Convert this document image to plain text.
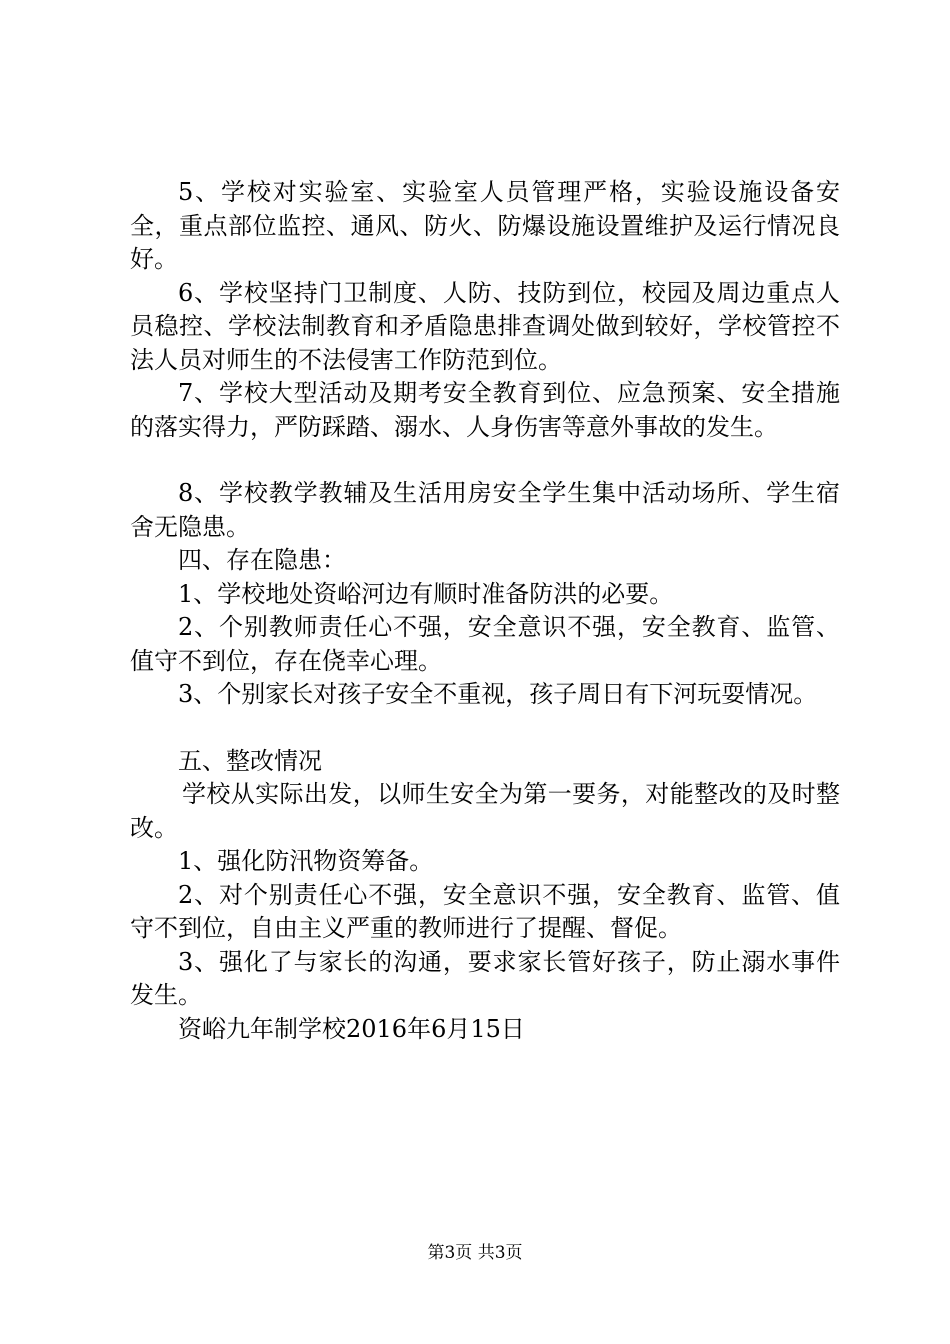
5、学校对实验室、实验室人员管理严格，实验设施设备安全，重点部位监控、通风、防火、防爆设施设置维护及运行情况良好。

6、学校坚持门卫制度、人防、技防到位，校园及周边重点人员稳控、学校法制教育和矛盾隐患排查调处做到较好，学校管控不法人员对师生的不法侵害工作防范到位。

7、学校大型活动及期考安全教育到位、应急预案、安全措施的落实得力，严防踩踏、溺水、人身伤害等意外事故的发生。

8、学校教学教辅及生活用房安全学生集中活动场所、学生宿舍无隐患。

四、存在隐患：

1、学校地处资峪河边有顺时准备防洪的必要。

2、个别教师责任心不强，安全意识不强，安全教育、监管、值守不到位，存在侥幸心理。

3、个别家长对孩子安全不重视，孩子周日有下河玩耍情况。

五、整改情况

学校从实际出发，以师生安全为第一要务，对能整改的及时整改。

1、强化防汛物资筹备。

2、对个别责任心不强，安全意识不强，安全教育、监管、值守不到位，自由主义严重的教师进行了提醒、督促。

3、强化了与家长的沟通，要求家长管好孩子，防止溺水事件发生。

资峪九年制学校2016年6月15日

第3页 共3页
